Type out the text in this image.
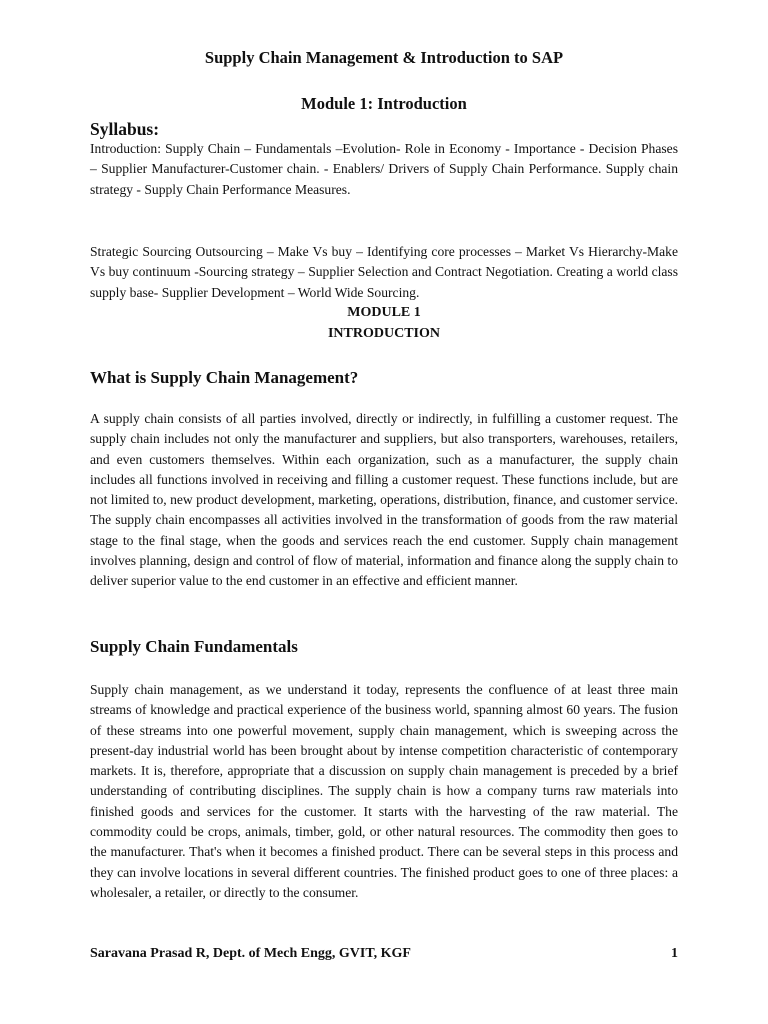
Supply Chain Management & Introduction to SAP
Module 1: Introduction
Syllabus:

Introduction: Supply Chain – Fundamentals –Evolution- Role in Economy - Importance - Decision Phases – Supplier Manufacturer-Customer chain. - Enablers/ Drivers of Supply Chain Performance. Supply chain strategy - Supply Chain Performance Measures.

Strategic Sourcing Outsourcing – Make Vs buy – Identifying core processes – Market Vs Hierarchy-Make Vs buy continuum -Sourcing strategy – Supplier Selection and Contract Negotiation. Creating a world class supply base- Supplier Development – World Wide Sourcing.

MODULE 1
INTRODUCTION
What is Supply Chain Management?

A supply chain consists of all parties involved, directly or indirectly, in fulfilling a customer request. The supply chain includes not only the manufacturer and suppliers, but also transporters, warehouses, retailers, and even customers themselves. Within each organization, such as a manufacturer, the supply chain includes all functions involved in receiving and filling a customer request. These functions include, but are not limited to, new product development, marketing, operations, distribution, finance, and customer service. The supply chain encompasses all activities involved in the transformation of goods from the raw material stage to the final stage, when the goods and services reach the end customer. Supply chain management involves planning, design and control of flow of material, information and finance along the supply chain to deliver superior value to the end customer in an effective and efficient manner.

Supply Chain Fundamentals

Supply chain management, as we understand it today, represents the confluence of at least three main streams of knowledge and practical experience of the business world, spanning almost 60 years. The fusion of these streams into one powerful movement, supply chain management, which is sweeping across the present-day industrial world has been brought about by intense competition characteristic of contemporary markets. It is, therefore, appropriate that a discussion on supply chain management is preceded by a brief understanding of contributing disciplines. The supply chain is how a company turns raw materials into finished goods and services for the customer. It starts with the harvesting of the raw material. The commodity could be crops, animals, timber, gold, or other natural resources. The commodity then goes to the manufacturer. That's when it becomes a finished product. There can be several steps in this process and they can involve locations in several different countries. The finished product goes to one of three places: a wholesaler, a retailer, or directly to the consumer.

Saravana Prasad R, Dept. of Mech Engg, GVIT, KGF	1
